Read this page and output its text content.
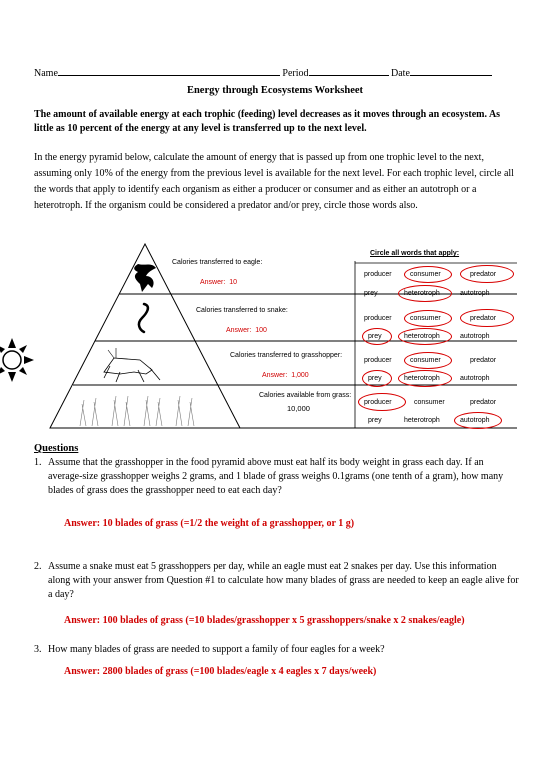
Name	Period	Date
Energy through Ecosystems Worksheet
The amount of available energy at each trophic (feeding) level decreases as it moves through an ecosystem. As little as 10 percent of the energy at any level is transferred up to the next level.
In the energy pyramid below, calculate the amount of energy that is passed up from one trophic level to the next, assuming only 10% of the energy from the previous level is available for the next level. For each trophic level, circle all the words that apply to identify each organism as either a producer or consumer and as either an autotroph or a heterotroph. If the organism could be considered a predator and/or prey, circle those words also.
Calories transferred to eagle:
Answer: 10
Calories transferred to snake:
Answer: 100
Calories transferred to grasshopper:
Answer: 1,000
Calories available from grass:
10,000
Circle all words that apply:
producer	consumer	predator
prey	heterotroph	autotroph
producer	consumer	predator
prey	heterotroph	autotroph
producer	consumer	predator
prey	heterotroph	autotroph
producer	consumer	predator
prey	heterotroph	autotroph
Questions
1. Assume that the grasshopper in the food pyramid above must eat half its body weight in grass each day. If an average-size grasshopper weighs 2 grams, and 1 blade of grass weighs 0.1grams (one tenth of a gram), how many blades of grass does the grasshopper need to eat each day?
Answer: 10 blades of grass (=1/2 the weight of a grasshopper, or 1 g)
2. Assume a snake must eat 5 grasshoppers per day, while an eagle must eat 2 snakes per day. Use this information along with your answer from Question #1 to calculate how many blades of grass are needed to keep an eagle alive for a day?
Answer: 100 blades of grass (=10 blades/grasshopper x 5 grasshoppers/snake x 2 snakes/eagle)
3. How many blades of grass are needed to support a family of four eagles for a week?
Answer: 2800 blades of grass (=100 blades/eagle x 4 eagles x 7 days/week)
